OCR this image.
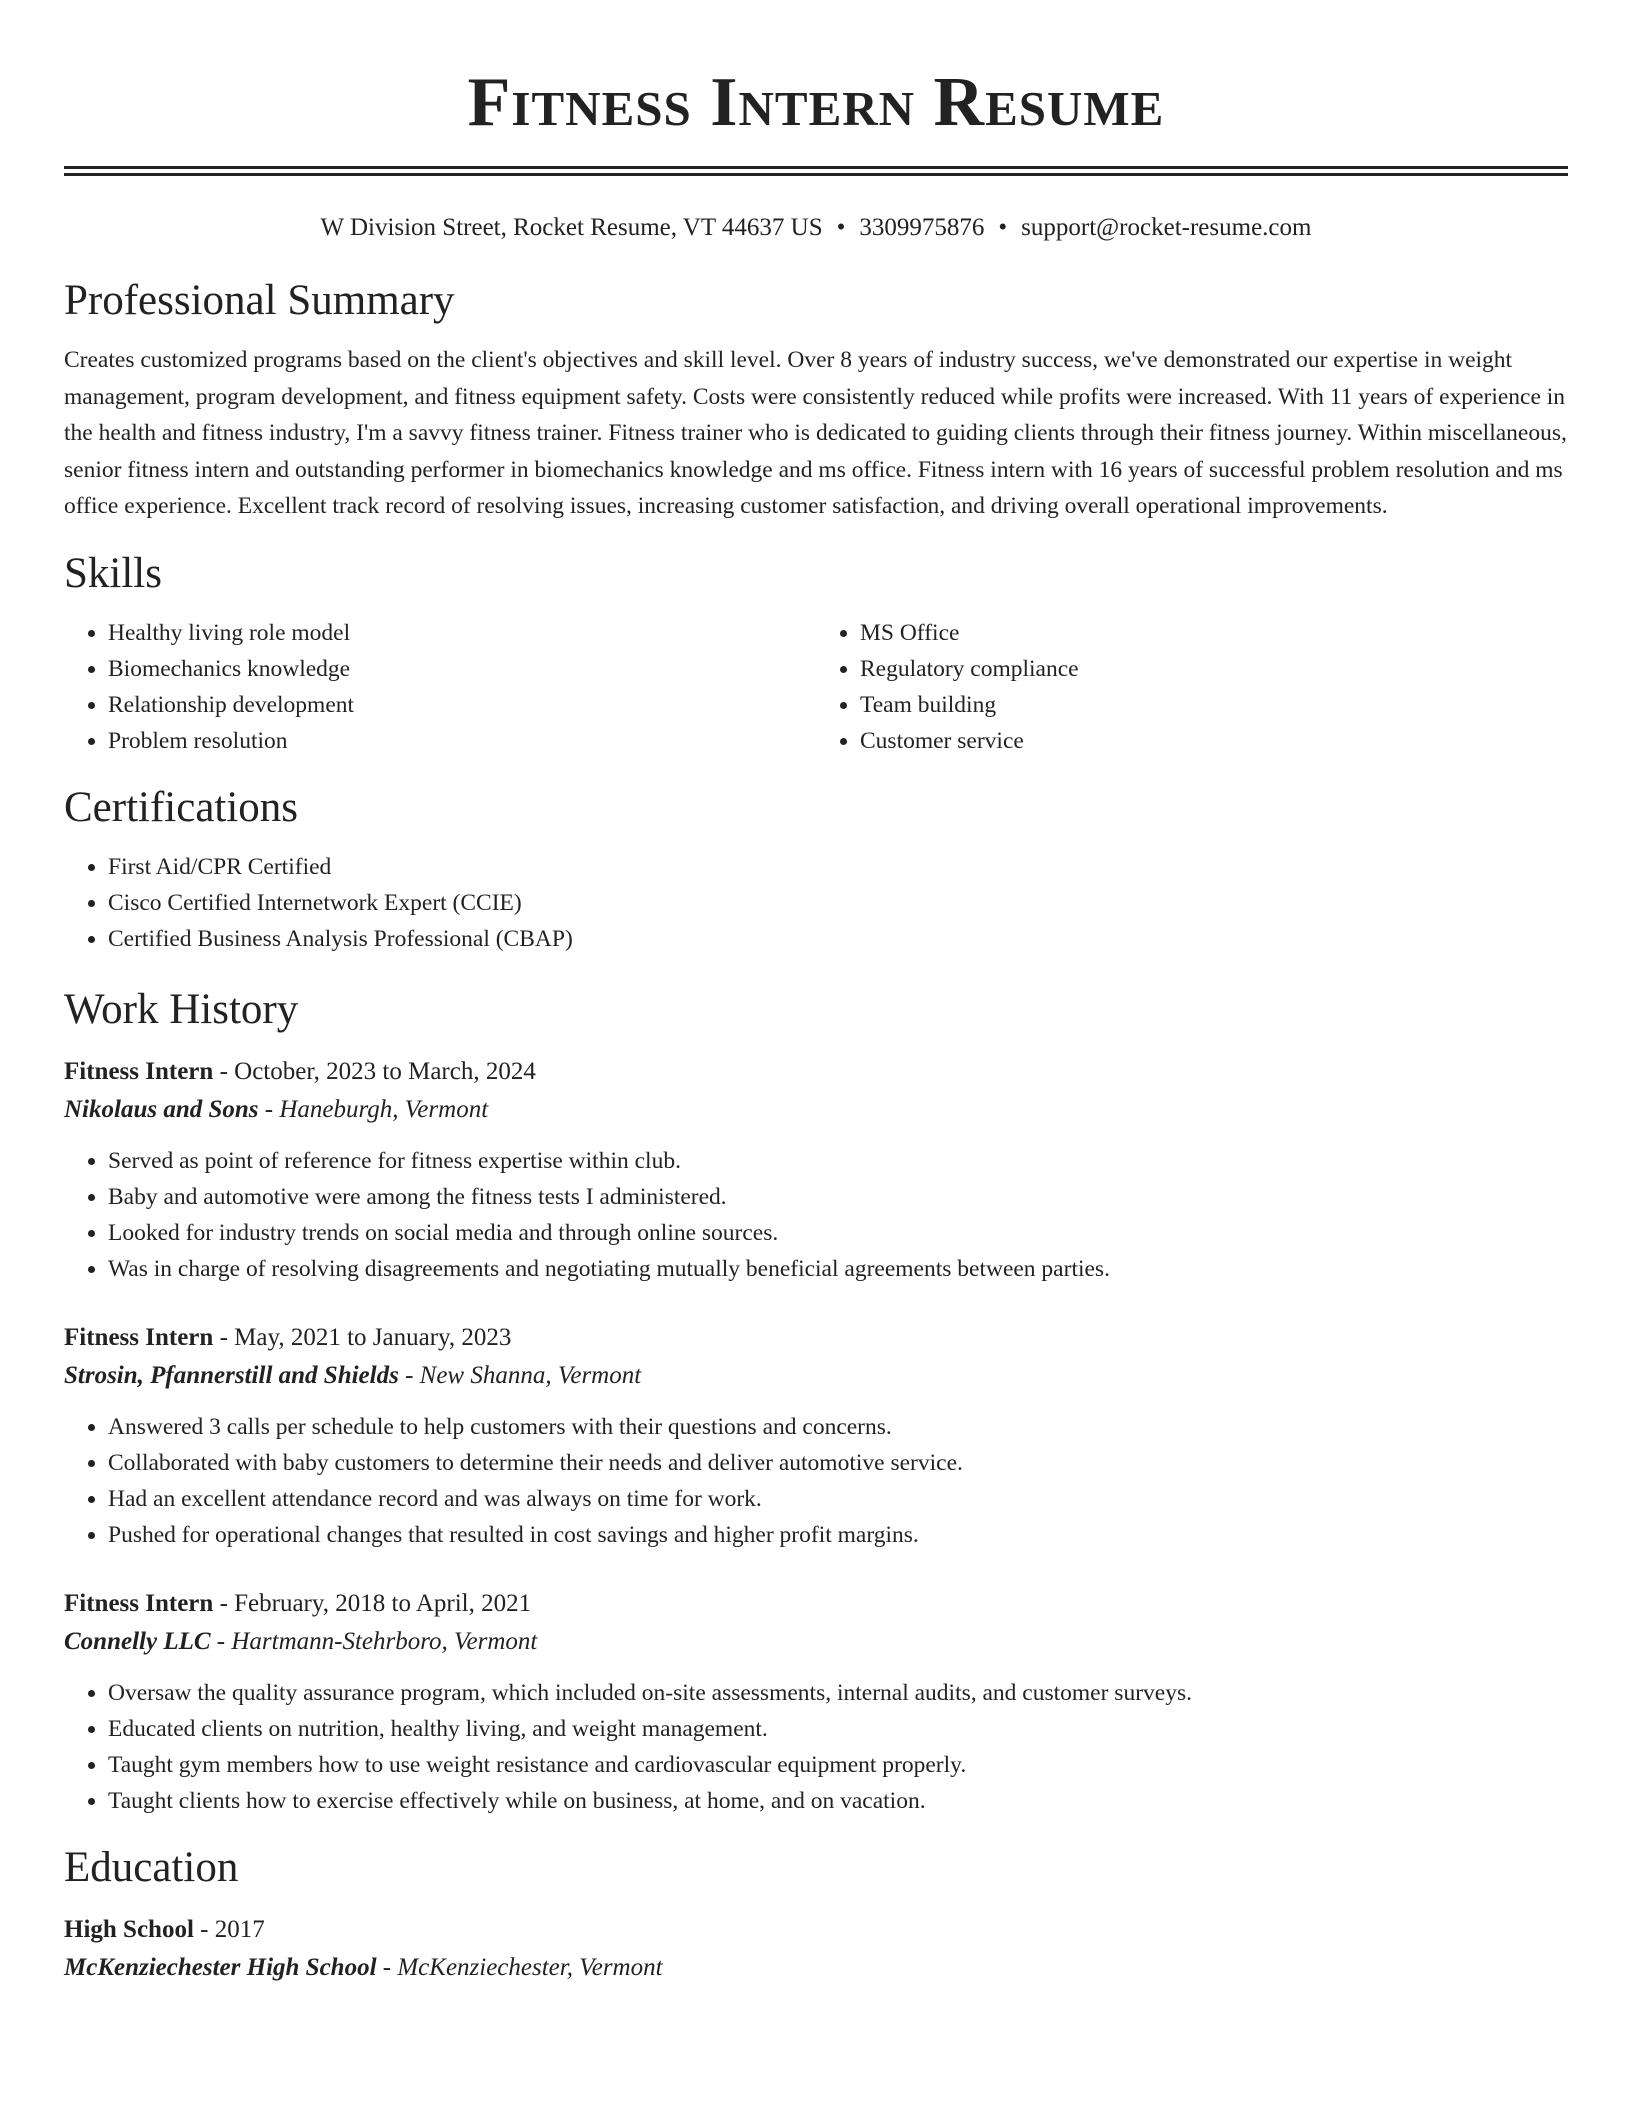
Fitness Intern Resume
W Division Street, Rocket Resume, VT 44637 US • 3309975876 • support@rocket-resume.com
Professional Summary

Creates customized programs based on the client's objectives and skill level. Over 8 years of industry success, we've demonstrated our expertise in weight management, program development, and fitness equipment safety. Costs were consistently reduced while profits were increased. With 11 years of experience in the health and fitness industry, I'm a savvy fitness trainer. Fitness trainer who is dedicated to guiding clients through their fitness journey. Within miscellaneous, senior fitness intern and outstanding performer in biomechanics knowledge and ms office. Fitness intern with 16 years of successful problem resolution and ms office experience. Excellent track record of resolving issues, increasing customer satisfaction, and driving overall operational improvements.

Skills
• Healthy living role model
• Biomechanics knowledge
• Relationship development
• Problem resolution
• MS Office
• Regulatory compliance
• Team building
• Customer service
Certifications
• First Aid/CPR Certified
• Cisco Certified Internetwork Expert (CCIE)
• Certified Business Analysis Professional (CBAP)
Work History
Fitness Intern - October, 2023 to March, 2024
Nikolaus and Sons - Haneburgh, Vermont
• Served as point of reference for fitness expertise within club.
• Baby and automotive were among the fitness tests I administered.
• Looked for industry trends on social media and through online sources.
• Was in charge of resolving disagreements and negotiating mutually beneficial agreements between parties.
Fitness Intern - May, 2021 to January, 2023
Strosin, Pfannerstill and Shields - New Shanna, Vermont
• Answered 3 calls per schedule to help customers with their questions and concerns.
• Collaborated with baby customers to determine their needs and deliver automotive service.
• Had an excellent attendance record and was always on time for work.
• Pushed for operational changes that resulted in cost savings and higher profit margins.
Fitness Intern - February, 2018 to April, 2021
Connelly LLC - Hartmann-Stehrboro, Vermont
• Oversaw the quality assurance program, which included on-site assessments, internal audits, and customer surveys.
• Educated clients on nutrition, healthy living, and weight management.
• Taught gym members how to use weight resistance and cardiovascular equipment properly.
• Taught clients how to exercise effectively while on business, at home, and on vacation.
Education
High School - 2017
McKenziechester High School - McKenziechester, Vermont
